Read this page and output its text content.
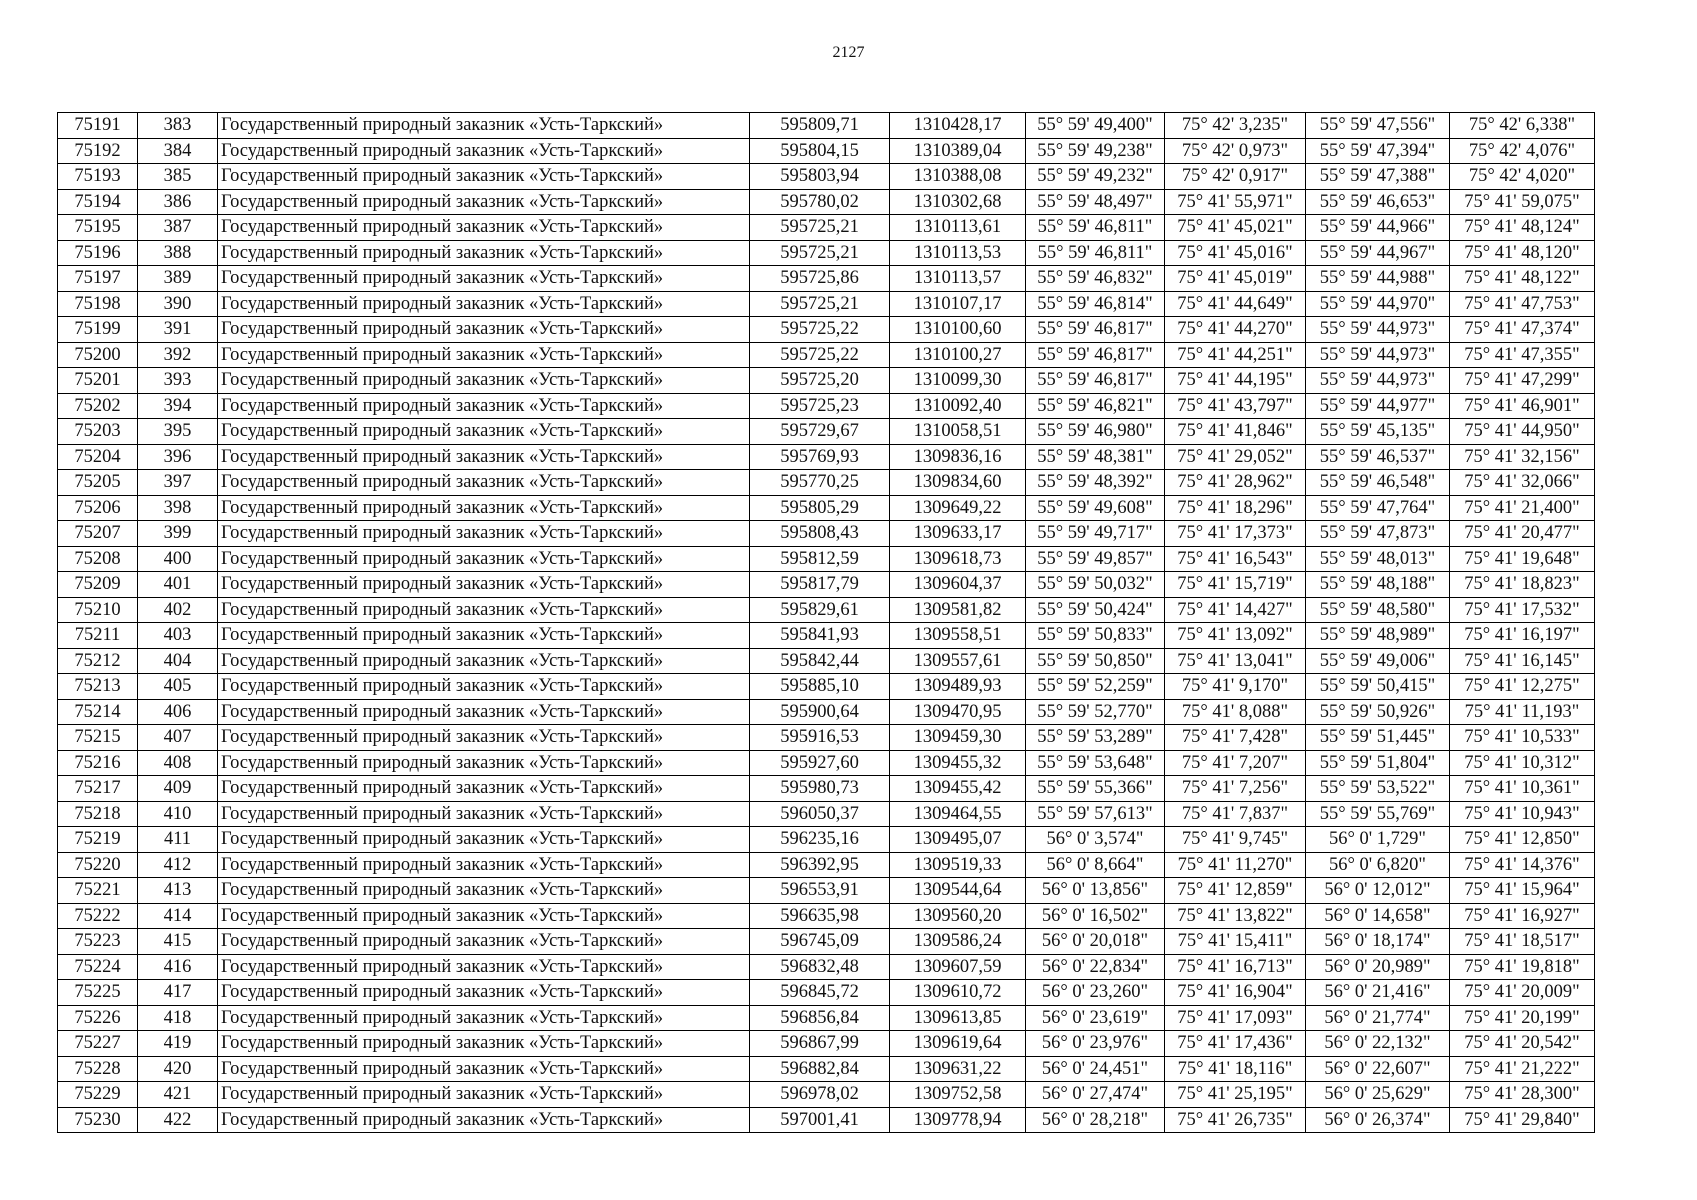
2127
75191	383	Государственный природный заказник «Усть-Таркский»	595809,71	1310428,17	55° 59' 49,400"	75° 42' 3,235"	55° 59' 47,556"	75° 42' 6,338"
75192	384	Государственный природный заказник «Усть-Таркский»	595804,15	1310389,04	55° 59' 49,238"	75° 42' 0,973"	55° 59' 47,394"	75° 42' 4,076"
75193	385	Государственный природный заказник «Усть-Таркский»	595803,94	1310388,08	55° 59' 49,232"	75° 42' 0,917"	55° 59' 47,388"	75° 42' 4,020"
75194	386	Государственный природный заказник «Усть-Таркский»	595780,02	1310302,68	55° 59' 48,497"	75° 41' 55,971"	55° 59' 46,653"	75° 41' 59,075"
75195	387	Государственный природный заказник «Усть-Таркский»	595725,21	1310113,61	55° 59' 46,811"	75° 41' 45,021"	55° 59' 44,966"	75° 41' 48,124"
75196	388	Государственный природный заказник «Усть-Таркский»	595725,21	1310113,53	55° 59' 46,811"	75° 41' 45,016"	55° 59' 44,967"	75° 41' 48,120"
75197	389	Государственный природный заказник «Усть-Таркский»	595725,86	1310113,57	55° 59' 46,832"	75° 41' 45,019"	55° 59' 44,988"	75° 41' 48,122"
75198	390	Государственный природный заказник «Усть-Таркский»	595725,21	1310107,17	55° 59' 46,814"	75° 41' 44,649"	55° 59' 44,970"	75° 41' 47,753"
75199	391	Государственный природный заказник «Усть-Таркский»	595725,22	1310100,60	55° 59' 46,817"	75° 41' 44,270"	55° 59' 44,973"	75° 41' 47,374"
75200	392	Государственный природный заказник «Усть-Таркский»	595725,22	1310100,27	55° 59' 46,817"	75° 41' 44,251"	55° 59' 44,973"	75° 41' 47,355"
75201	393	Государственный природный заказник «Усть-Таркский»	595725,20	1310099,30	55° 59' 46,817"	75° 41' 44,195"	55° 59' 44,973"	75° 41' 47,299"
75202	394	Государственный природный заказник «Усть-Таркский»	595725,23	1310092,40	55° 59' 46,821"	75° 41' 43,797"	55° 59' 44,977"	75° 41' 46,901"
75203	395	Государственный природный заказник «Усть-Таркский»	595729,67	1310058,51	55° 59' 46,980"	75° 41' 41,846"	55° 59' 45,135"	75° 41' 44,950"
75204	396	Государственный природный заказник «Усть-Таркский»	595769,93	1309836,16	55° 59' 48,381"	75° 41' 29,052"	55° 59' 46,537"	75° 41' 32,156"
75205	397	Государственный природный заказник «Усть-Таркский»	595770,25	1309834,60	55° 59' 48,392"	75° 41' 28,962"	55° 59' 46,548"	75° 41' 32,066"
75206	398	Государственный природный заказник «Усть-Таркский»	595805,29	1309649,22	55° 59' 49,608"	75° 41' 18,296"	55° 59' 47,764"	75° 41' 21,400"
75207	399	Государственный природный заказник «Усть-Таркский»	595808,43	1309633,17	55° 59' 49,717"	75° 41' 17,373"	55° 59' 47,873"	75° 41' 20,477"
75208	400	Государственный природный заказник «Усть-Таркский»	595812,59	1309618,73	55° 59' 49,857"	75° 41' 16,543"	55° 59' 48,013"	75° 41' 19,648"
75209	401	Государственный природный заказник «Усть-Таркский»	595817,79	1309604,37	55° 59' 50,032"	75° 41' 15,719"	55° 59' 48,188"	75° 41' 18,823"
75210	402	Государственный природный заказник «Усть-Таркский»	595829,61	1309581,82	55° 59' 50,424"	75° 41' 14,427"	55° 59' 48,580"	75° 41' 17,532"
75211	403	Государственный природный заказник «Усть-Таркский»	595841,93	1309558,51	55° 59' 50,833"	75° 41' 13,092"	55° 59' 48,989"	75° 41' 16,197"
75212	404	Государственный природный заказник «Усть-Таркский»	595842,44	1309557,61	55° 59' 50,850"	75° 41' 13,041"	55° 59' 49,006"	75° 41' 16,145"
75213	405	Государственный природный заказник «Усть-Таркский»	595885,10	1309489,93	55° 59' 52,259"	75° 41' 9,170"	55° 59' 50,415"	75° 41' 12,275"
75214	406	Государственный природный заказник «Усть-Таркский»	595900,64	1309470,95	55° 59' 52,770"	75° 41' 8,088"	55° 59' 50,926"	75° 41' 11,193"
75215	407	Государственный природный заказник «Усть-Таркский»	595916,53	1309459,30	55° 59' 53,289"	75° 41' 7,428"	55° 59' 51,445"	75° 41' 10,533"
75216	408	Государственный природный заказник «Усть-Таркский»	595927,60	1309455,32	55° 59' 53,648"	75° 41' 7,207"	55° 59' 51,804"	75° 41' 10,312"
75217	409	Государственный природный заказник «Усть-Таркский»	595980,73	1309455,42	55° 59' 55,366"	75° 41' 7,256"	55° 59' 53,522"	75° 41' 10,361"
75218	410	Государственный природный заказник «Усть-Таркский»	596050,37	1309464,55	55° 59' 57,613"	75° 41' 7,837"	55° 59' 55,769"	75° 41' 10,943"
75219	411	Государственный природный заказник «Усть-Таркский»	596235,16	1309495,07	56° 0' 3,574"	75° 41' 9,745"	56° 0' 1,729"	75° 41' 12,850"
75220	412	Государственный природный заказник «Усть-Таркский»	596392,95	1309519,33	56° 0' 8,664"	75° 41' 11,270"	56° 0' 6,820"	75° 41' 14,376"
75221	413	Государственный природный заказник «Усть-Таркский»	596553,91	1309544,64	56° 0' 13,856"	75° 41' 12,859"	56° 0' 12,012"	75° 41' 15,964"
75222	414	Государственный природный заказник «Усть-Таркский»	596635,98	1309560,20	56° 0' 16,502"	75° 41' 13,822"	56° 0' 14,658"	75° 41' 16,927"
75223	415	Государственный природный заказник «Усть-Таркский»	596745,09	1309586,24	56° 0' 20,018"	75° 41' 15,411"	56° 0' 18,174"	75° 41' 18,517"
75224	416	Государственный природный заказник «Усть-Таркский»	596832,48	1309607,59	56° 0' 22,834"	75° 41' 16,713"	56° 0' 20,989"	75° 41' 19,818"
75225	417	Государственный природный заказник «Усть-Таркский»	596845,72	1309610,72	56° 0' 23,260"	75° 41' 16,904"	56° 0' 21,416"	75° 41' 20,009"
75226	418	Государственный природный заказник «Усть-Таркский»	596856,84	1309613,85	56° 0' 23,619"	75° 41' 17,093"	56° 0' 21,774"	75° 41' 20,199"
75227	419	Государственный природный заказник «Усть-Таркский»	596867,99	1309619,64	56° 0' 23,976"	75° 41' 17,436"	56° 0' 22,132"	75° 41' 20,542"
75228	420	Государственный природный заказник «Усть-Таркский»	596882,84	1309631,22	56° 0' 24,451"	75° 41' 18,116"	56° 0' 22,607"	75° 41' 21,222"
75229	421	Государственный природный заказник «Усть-Таркский»	596978,02	1309752,58	56° 0' 27,474"	75° 41' 25,195"	56° 0' 25,629"	75° 41' 28,300"
75230	422	Государственный природный заказник «Усть-Таркский»	597001,41	1309778,94	56° 0' 28,218"	75° 41' 26,735"	56° 0' 26,374"	75° 41' 29,840"
